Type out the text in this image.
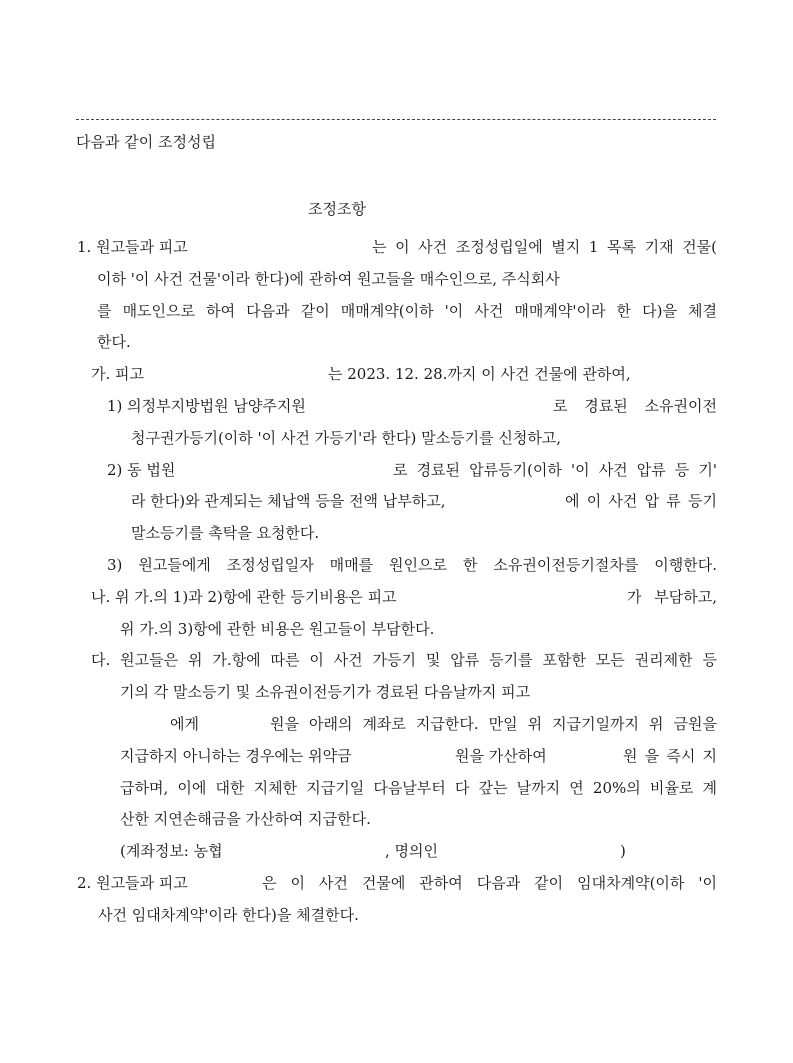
다음과 같이 조정성립
조정조항
1. 원고들과 피고	는 이 사건 조정성립일에 별지 1 목록 기재 건물(
이하 '이 사건 건물'이라 한다)에 관하여 원고들을 매수인으로, 주식회사
를 매도인으로 하여 다음과 같이 매매계약(이하 '이 사건 매매계약'이라 한 다)을 체결
한다.
가. 피고	는 2023. 12. 28.까지 이 사건 건물에 관하여,
1) 의정부지방법원 남양주지원	로 경료된 소유권이전
청구권가등기(이하 '이 사건 가등기'라 한다) 말소등기를 신청하고,
2) 동 법원	로 경료된 압류등기(이하 '이 사건 압류 등 기'
라 한다)와 관계되는 체납액 등을 전액 납부하고,	에 이 사건 압 류 등기
말소등기를 촉탁을 요청한다.
3) 원고들에게 조정성립일자 매매를 원인으로 한 소유권이전등기절차를 이행한다.
나. 위 가.의 1)과 2)항에 관한 등기비용은 피고	가 부담하고,
위 가.의 3)항에 관한 비용은 원고들이 부담한다.
다. 원고들은 위 가.항에 따른 이 사건 가등기 및 압류 등기를 포함한 모든 권리제한 등
기의 각 말소등기 및 소유권이전등기가 경료된 다음날까지 피고
에게	원을 아래의 계좌로 지급한다. 만일 위 지급기일까지 위 금원을
지급하지 아니하는 경우에는 위약금	원을 가산하여	원 을 즉시 지
급하며, 이에 대한 지체한 지급기일 다음날부터 다 갚는 날까지 연 20%의 비율로 계
산한 지연손해금을 가산하여 지급한다.
(계좌정보: 농협	, 명의인	)
2. 원고들과 피고	은 이 사건 건물에 관하여 다음과 같이 임대차계약(이하 '이
사건 임대차계약'이라 한다)을 체결한다.
